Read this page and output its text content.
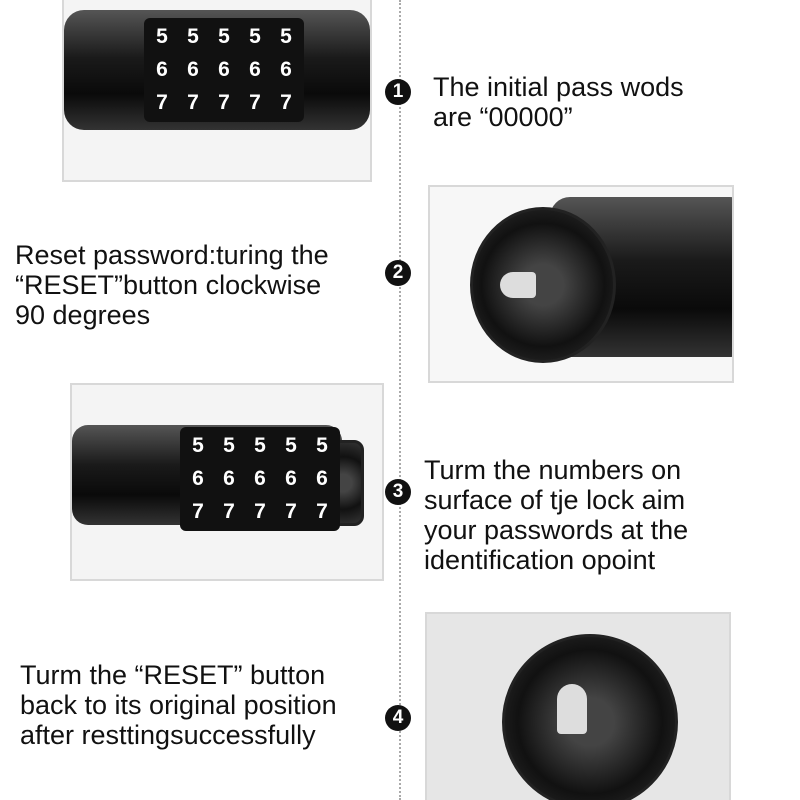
5 5 5 5 5
6 6 6 6 6
7 7 7 7 7	1 The initial pass wods
are “00000”
2
Reset password:turing the
“RESET”button clockwise
90 degrees
5 5 5 5 5
6 6 6 6 6
7 7 7 7 7
3
Turm the numbers on
surface of tje lock aim
your passwords at the
identification opoint
4
Turm the “RESET” button
back to its original position
after resttingsuccessfully
